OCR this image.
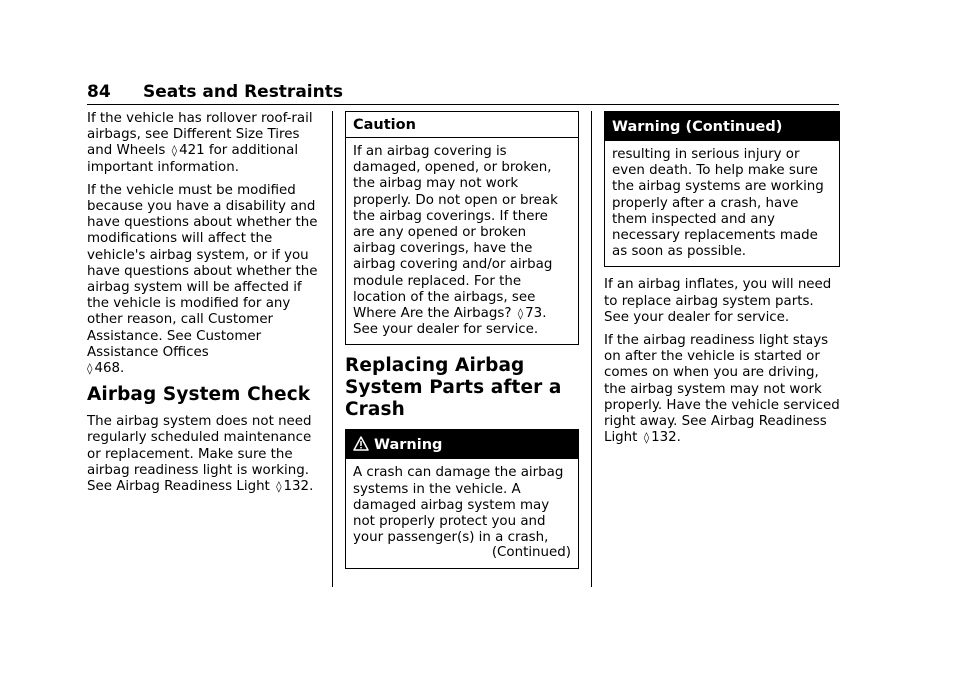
84 Seats and Restraints

If the vehicle has rollover roof-rail airbags, see Different Size Tires and Wheels ◊ 421 for additional important information.

If the vehicle must be modified because you have a disability and have questions about whether the modifications will affect the vehicle's airbag system, or if you have questions about whether the airbag system will be affected if the vehicle is modified for any other reason, call Customer Assistance. See Customer Assistance Offices
◊ 468.

Airbag System Check

The airbag system does not need regularly scheduled maintenance or replacement. Make sure the airbag readiness light is working. See Airbag Readiness Light ◊ 132.

Caution
If an airbag covering is damaged, opened, or broken, the airbag may not work properly. Do not open or break the airbag coverings. If there are any opened or broken airbag coverings, have the airbag covering and/or airbag module replaced. For the location of the airbags, see Where Are the Airbags? ◊ 73. See your dealer for service.
Replacing Airbag System Parts after a Crash
Warning
A crash can damage the airbag systems in the vehicle. A damaged airbag system may not properly protect you and your passenger(s) in a crash,
(Continued)
Warning (Continued)
resulting in serious injury or even death. To help make sure the airbag systems are working properly after a crash, have them inspected and any necessary replacements made as soon as possible.

If an airbag inflates, you will need to replace airbag system parts. See your dealer for service.

If the airbag readiness light stays on after the vehicle is started or comes on when you are driving, the airbag system may not work properly. Have the vehicle serviced right away. See Airbag Readiness Light ◊ 132.
